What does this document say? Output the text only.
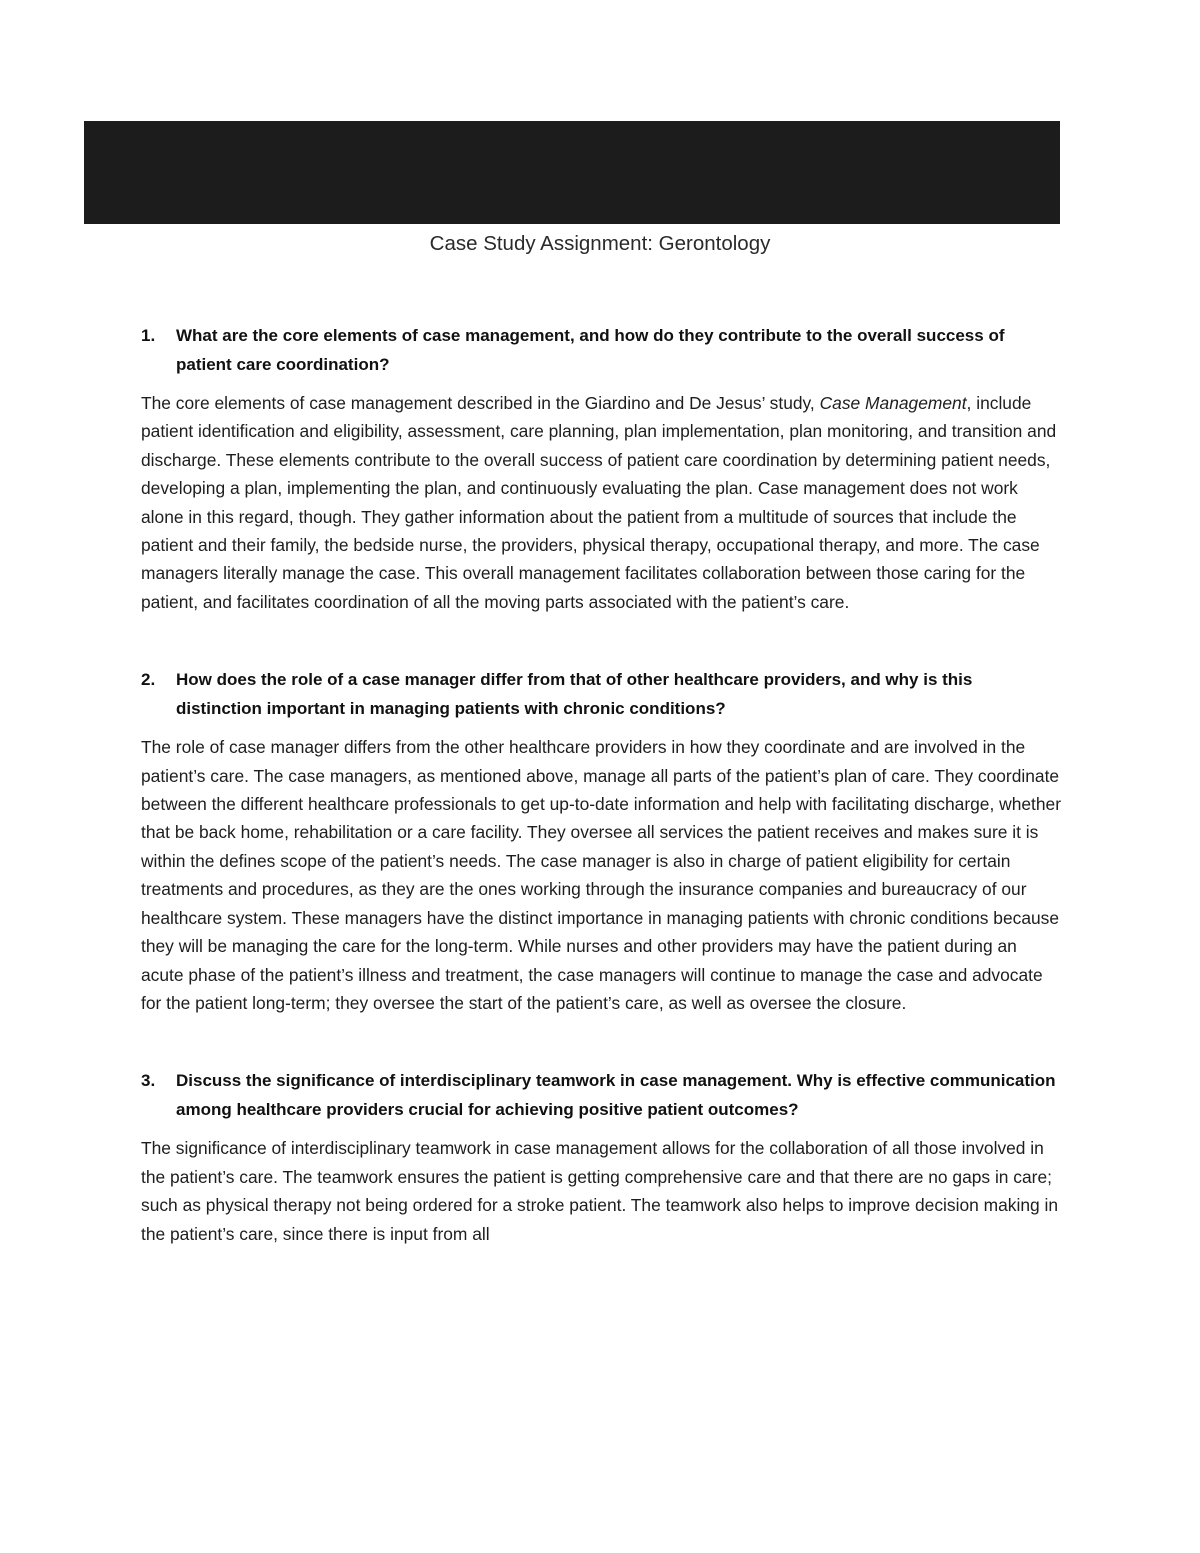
Case Study Assignment: Gerontology
1. What are the core elements of case management, and how do they contribute to the overall success of patient care coordination?

The core elements of case management described in the Giardino and De Jesus’ study, Case Management, include patient identification and eligibility, assessment, care planning, plan implementation, plan monitoring, and transition and discharge. These elements contribute to the overall success of patient care coordination by determining patient needs, developing a plan, implementing the plan, and continuously evaluating the plan. Case management does not work alone in this regard, though. They gather information about the patient from a multitude of sources that include the patient and their family, the bedside nurse, the providers, physical therapy, occupational therapy, and more. The case managers literally manage the case. This overall management facilitates collaboration between those caring for the patient, and facilitates coordination of all the moving parts associated with the patient’s care.

2. How does the role of a case manager differ from that of other healthcare providers, and why is this distinction important in managing patients with chronic conditions?

The role of case manager differs from the other healthcare providers in how they coordinate and are involved in the patient’s care. The case managers, as mentioned above, manage all parts of the patient’s plan of care. They coordinate between the different healthcare professionals to get up-to-date information and help with facilitating discharge, whether that be back home, rehabilitation or a care facility. They oversee all services the patient receives and makes sure it is within the defines scope of the patient’s needs. The case manager is also in charge of patient eligibility for certain treatments and procedures, as they are the ones working through the insurance companies and bureaucracy of our healthcare system. These managers have the distinct importance in managing patients with chronic conditions because they will be managing the care for the long-term. While nurses and other providers may have the patient during an acute phase of the patient’s illness and treatment, the case managers will continue to manage the case and advocate for the patient long-term; they oversee the start of the patient’s care, as well as oversee the closure.

3. Discuss the significance of interdisciplinary teamwork in case management. Why is effective communication among healthcare providers crucial for achieving positive patient outcomes?

The significance of interdisciplinary teamwork in case management allows for the collaboration of all those involved in the patient’s care. The teamwork ensures the patient is getting comprehensive care and that there are no gaps in care; such as physical therapy not being ordered for a stroke patient. The teamwork also helps to improve decision making in the patient’s care, since there is input from all
